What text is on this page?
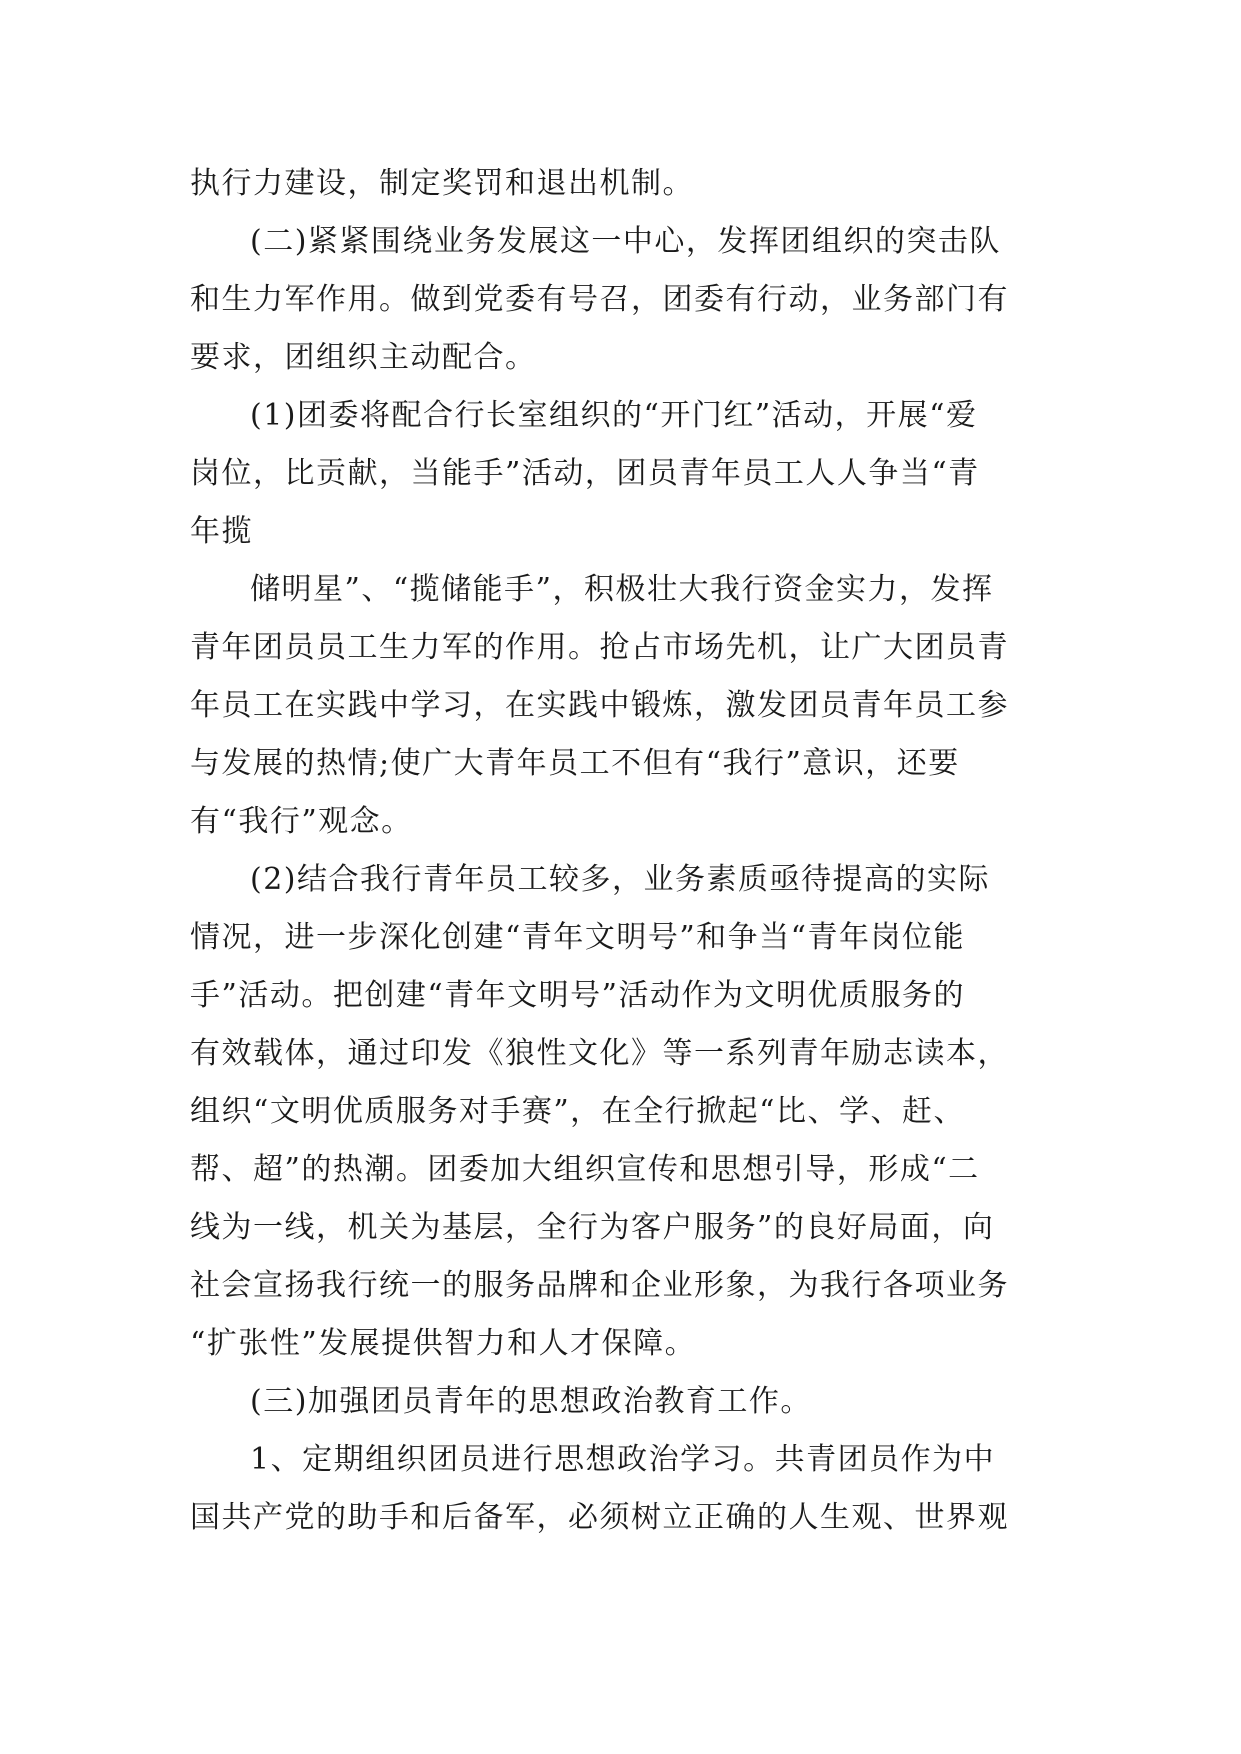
执行力建设，制定奖罚和退出机制。
(二)紧紧围绕业务发展这一中心，发挥团组织的突击队
和生力军作用。做到党委有号召，团委有行动，业务部门有
要求，团组织主动配合。
(1)团委将配合行长室组织的“开门红”活动，开展“爱
岗位，比贡献，当能手”活动，团员青年员工人人争当“青
年揽
储明星”、“揽储能手”，积极壮大我行资金实力，发挥
青年团员员工生力军的作用。抢占市场先机，让广大团员青
年员工在实践中学习，在实践中锻炼，激发团员青年员工参
与发展的热情;使广大青年员工不但有“我行”意识，还要
有“我行”观念。
(2)结合我行青年员工较多，业务素质亟待提高的实际
情况，进一步深化创建“青年文明号”和争当“青年岗位能
手”活动。把创建“青年文明号”活动作为文明优质服务的
有效载体，通过印发《狼性文化》等一系列青年励志读本，
组织“文明优质服务对手赛”，在全行掀起“比、学、赶、
帮、超”的热潮。团委加大组织宣传和思想引导，形成“二
线为一线，机关为基层，全行为客户服务”的良好局面，向
社会宣扬我行统一的服务品牌和企业形象，为我行各项业务
“扩张性”发展提供智力和人才保障。
(三)加强团员青年的思想政治教育工作。
1、定期组织团员进行思想政治学习。共青团员作为中
国共产党的助手和后备军，必须树立正确的人生观、世界观
